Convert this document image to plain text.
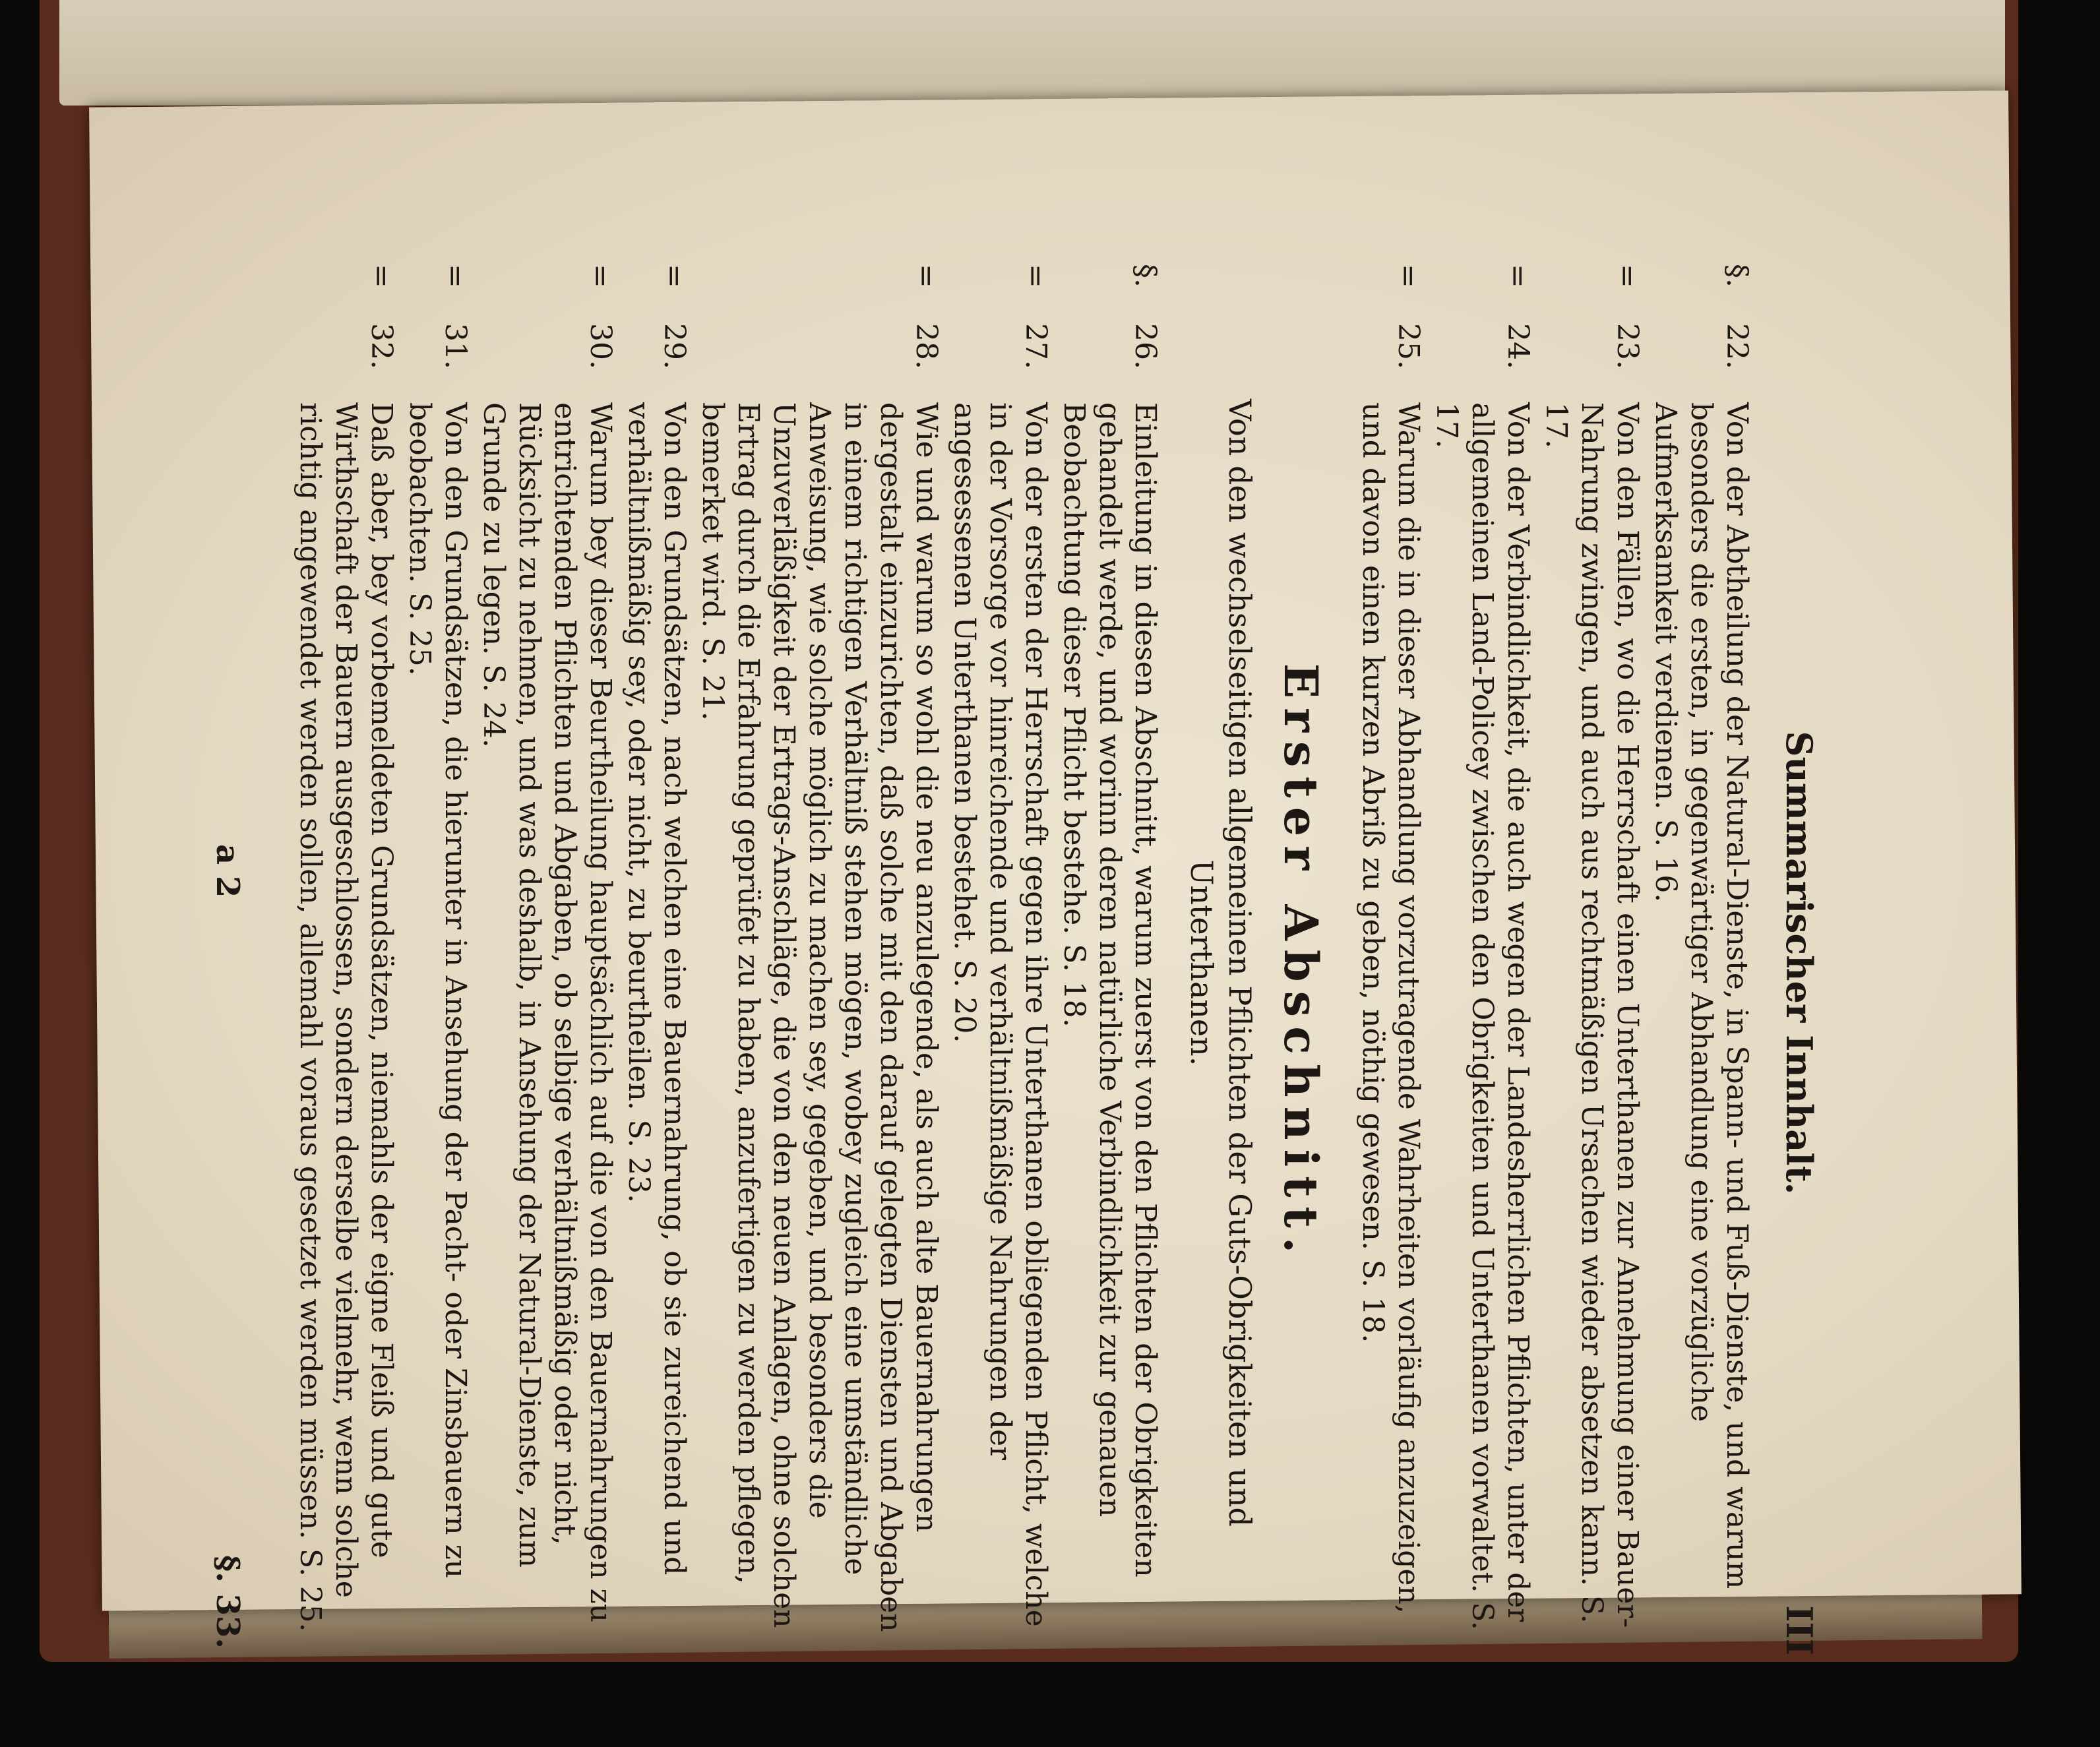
Summarischer Innhalt.
III
§.
22.
Von der Abtheilung der Natural-Dienste, in Spann- und Fuß-Dienste, und warum besonders die ersten, in gegenwärtiger Abhandlung eine vorzügliche Aufmerksamkeit verdienen. S. 16.
=
23.
Von den Fällen, wo die Herrschaft einen Unterthanen zur Annehmung einer Bauer-Nahrung zwingen, und auch aus rechtmäßigen Ursachen wieder absetzen kann. S. 17.
=
24.
Von der Verbindlichkeit, die auch wegen der Landesherrlichen Pflichten, unter der allgemeinen Land-Policey zwischen den Obrigkeiten und Unterthanen vorwaltet. S. 17.
=
25.
Warum die in dieser Abhandlung vorzutragende Wahrheiten vorläufig anzuzeigen, und davon einen kurzen Abriß zu geben, nöthig gewesen. S. 18.
Erster Abschnitt.
Von den wechselseitigen allgemeinen Pflichten der Guts-Obrigkeiten und Unterthanen.
§.
26.
Einleitung in diesen Abschnitt, warum zuerst von den Pflichten der Obrigkeiten gehandelt werde, und worinn deren natürliche Verbindlichkeit zur genauen Beobachtung dieser Pflicht bestehe. S. 18.
=
27.
Von der ersten der Herrschaft gegen ihre Unterthanen obliegenden Pflicht, welche in der Vorsorge vor hinreichende und verhältnißmäßige Nahrungen der angesessenen Unterthanen bestehet. S. 20.
=
28.
Wie und warum so wohl die neu anzulegende, als auch alte Bauernahrungen dergestalt einzurichten, daß solche mit den darauf gelegten Diensten und Abgaben in einem richtigen Verhältniß stehen mögen, wobey zugleich eine umständliche Anweisung, wie solche möglich zu machen sey, gegeben, und besonders die Unzuverläßigkeit der Ertrags-Anschläge, die von den neuen Anlagen, ohne solchen Ertrag durch die Erfahrung geprüfet zu haben, anzufertigen zu werden pflegen, bemerket wird. S. 21.
=
29.
Von den Grundsätzen, nach welchen eine Bauernahrung, ob sie zureichend und verhältnißmäßig sey, oder nicht, zu beurtheilen. S. 23.
=
30.
Warum bey dieser Beurtheilung hauptsächlich auf die von den Bauernahrungen zu entrichtenden Pflichten und Abgaben, ob selbige verhältnißmäßig oder nicht, Rücksicht zu nehmen, und was deshalb, in Ansehung der Natural-Dienste, zum Grunde zu legen. S. 24.
=
31.
Von den Grundsätzen, die hierunter in Ansehung der Pacht- oder Zinsbauern zu beobachten. S. 25.
=
32.
Daß aber, bey vorbemeldeten Grundsätzen, niemahls der eigne Fleiß und gute Wirthschaft der Bauern ausgeschlossen, sondern derselbe vielmehr, wenn solche richtig angewendet werden sollen, allemahl voraus gesetzet werden müssen. S. 25.
a 2
§. 33.
